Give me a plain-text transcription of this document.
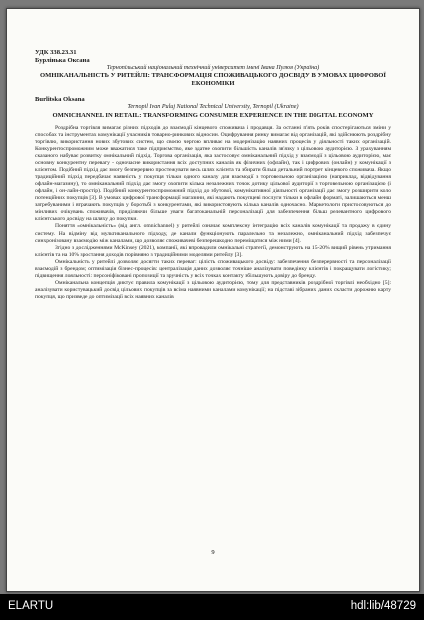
УДК 338.23.31
Бурлінька Оксана
Тернопільський національний технічний університет імені Івана Пулюя (Україна)
ОМНІКАНАЛЬНІСТЬ У РИТЕЙЛІ: ТРАНСФОРМАЦІЯ СПОЖИВАЦЬКОГО ДОСВІДУ В УМОВАХ ЦИФРОВОЇ ЕКОНОМІКИ
Burlitska Oksana
Ternopil Ivan Puluj National Technical University, Ternopil (Ukraine)
OMNICHANNEL IN RETAIL: TRANSFORMING CONSUMER EXPERIENCE IN THE DIGITAL ECONOMY

Роздрібна торгівля вимагає різних підходів до взаємодії кінцевого споживача і продавця. За останні п'ять років спостерігаються зміни у способах та інструментах комунікації учасників товарно-ринкових відносин. Оцифрування ринку вимагає від організацій, які здійснюють роздрібну торгівлю, використання нових збутових систем, що своєю чергою впливає на модернізацію наявних процесів у діяльності таких організацій. Конкурентоспроможним може вважатися таке підприємство, яке здатне охопити більшість каналів зв'язку з цільовою аудиторією. З урахуванням сказаного набуває розвитку омнікальний підхід. Торгова організація, яка застосовує омніканальний підхід у взаємодії з цільовою аудиторією, має основну конкурентну перевагу - одночасне використання всіх доступних каналів як фізичних (офлайн), так і цифрових (онлайн) у комунікації з клієнтом. Подібний підхід дає змогу безперервно простежувати весь шлях клієнта та збирати більш детальний портрет кінцевого споживача. Якщо традиційний підхід передбачає наявність у покупця тільки одного каналу для взаємодії з торговельною організацією (наприклад, відвідування офлайн-магазину), то омніканальний підхід дає змогу охопити кілька незалежних точок дотику цільової аудиторії з торговельною організацією (і офлайн, і он-лайн-простір). Подібний конкурентоспроможний підхід до збутової, комунікативної діяльності організації дає змогу розширити коло потенційних покупців [3]. В умовах цифрової трансформації магазини, які надають покупцеві послуги тільки в офлайн форматі, залишаються менш затребуваними і втрачають покупців у боротьбі з конкурентами, які використовують кілька каналів одночасно. Маркетологи пристосовуються до мінливих очікувань споживачів, приділяючи більше уваги багатоканальній персоналізації для забезпечення більш релевантного цифрового клієнтського досвіду на шляху до покупки.

Поняття «омнікальність» (від англ. omnichannel) у ритейлі означає комплексну інтеграцію всіх каналів комунікації та продажу в єдину систему. На відміну від мультиканального підходу, де канали функціонують паралельно та незалежно, омніканальний підхід забезпечує синхронізовану взаємодію між каналами, що дозволяє споживачеві безперешкодно переміщатися між ними [4].

Згідно з дослідженнями McKinsey (2021), компанії, які впровадили омнікальні стратегії, демонструють на 15-20% вищий рівень утримання клієнтів та на 10% зростання доходів порівняно з традиційними моделями ритейлу [3].

Омнікальність у ритейлі дозволяє досягти таких переваг: цілість споживацького досвіду: забезпечення безперервності та персоналізації взаємодій з брендом; оптимізація бізнес-процесів: централізація даних дозволяє точніше аналізувати поведінку клієнтів і покращувати логістику; підвищення лояльності: персоніфіковані пропозиції та зручність у всіх точках контакту збільшують довіру до бренду.

Омніканальна концепція диктує правила комунікації з цільовою аудиторією, тому для представників роздрібної торгівлі необхідно [5]: аналізувати користувацький досвід цільових покупців за всіма наявними каналами комунікації; на підставі зібраних даних скласти дорожню карту покупця, що призведе до оптимізації всіх наявних каналів

9
ELARTU	hdl:lib/48729
